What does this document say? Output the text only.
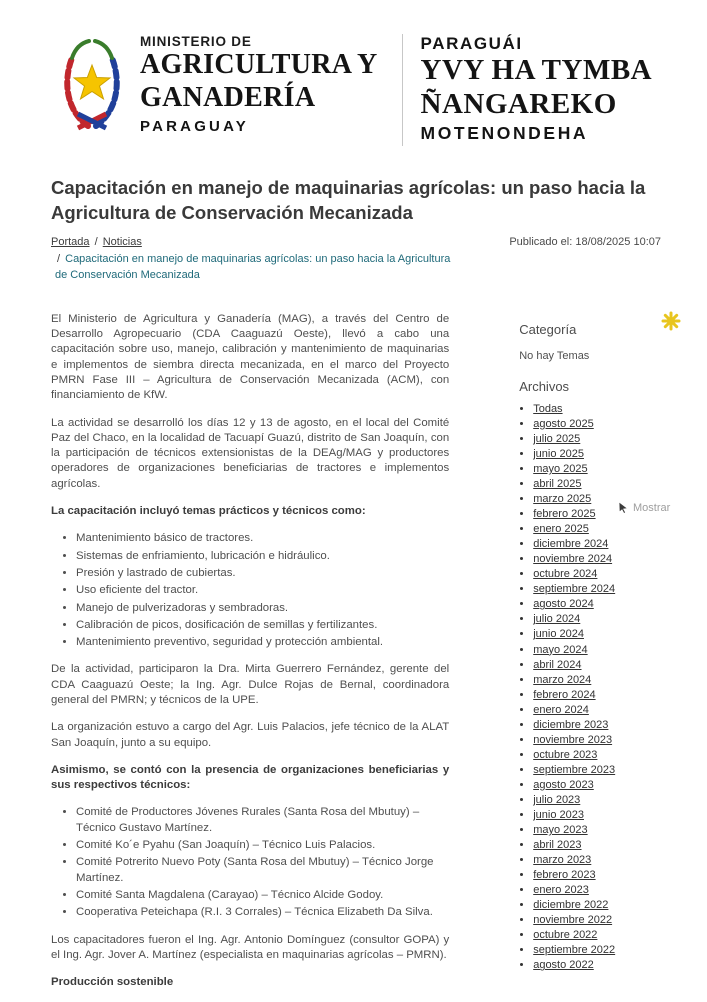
MINISTERIO DE
AGRICULTURA Y
GANADERÍA
PARAGUAY
PARAGUÁI
YVY HA TYMBA
ÑANGAREKO
MOTENONDEHA
Capacitación en manejo de maquinarias agrícolas: un paso hacia la Agricultura de Conservación Mecanizada
Portada / Noticias
/ Capacitación en manejo de maquinarias agrícolas: un paso hacia la Agricultura de Conservación Mecanizada
Publicado el: 18/08/2025 10:07

El Ministerio de Agricultura y Ganadería (MAG), a través del Centro de Desarrollo Agropecuario (CDA Caaguazú Oeste), llevó a cabo una capacitación sobre uso, manejo, calibración y mantenimiento de maquinarias e implementos de siembra directa mecanizada, en el marco del Proyecto PMRN Fase III – Agricultura de Conservación Mecanizada (ACM), con financiamiento de KfW.

La actividad se desarrolló los días 12 y 13 de agosto, en el local del Comité Paz del Chaco, en la localidad de Tacuapí Guazú, distrito de San Joaquín, con la participación de técnicos extensionistas de la DEAg/MAG y productores operadores de organizaciones beneficiarias de tractores e implementos agrícolas.

La capacitación incluyó temas prácticos y técnicos como:

• Mantenimiento básico de tractores.
• Sistemas de enfriamiento, lubricación e hidráulico.
• Presión y lastrado de cubiertas.
• Uso eficiente del tractor.
• Manejo de pulverizadoras y sembradoras.
• Calibración de picos, dosificación de semillas y fertilizantes.
• Mantenimiento preventivo, seguridad y protección ambiental.

De la actividad, participaron la Dra. Mirta Guerrero Fernández, gerente del CDA Caaguazú Oeste; la Ing. Agr. Dulce Rojas de Bernal, coordinadora general del PMRN; y técnicos de la UPE.

La organización estuvo a cargo del Agr. Luis Palacios, jefe técnico de la ALAT San Joaquín, junto a su equipo.

Asimismo, se contó con la presencia de organizaciones beneficiarias y sus respectivos técnicos:

• Comité de Productores Jóvenes Rurales (Santa Rosa del Mbutuy) – Técnico Gustavo Martínez.
• Comité Ko´e Pyahu (San Joaquín) – Técnico Luis Palacios.
• Comité Potrerito Nuevo Poty (Santa Rosa del Mbutuy) – Técnico Jorge Martínez.
• Comité Santa Magdalena (Carayao) – Técnico Alcide Godoy.
• Cooperativa Peteichapa (R.I. 3 Corrales) – Técnica Elizabeth Da Silva.

Los capacitadores fueron el Ing. Agr. Antonio Domínguez (consultor GOPA) y el Ing. Agr. Jover A. Martínez (especialista en maquinarias agrícolas – PMRN).

Producción sostenible

Categoría
No hay Temas
Archivos
• Todas
• agosto 2025
• julio 2025
• junio 2025
• mayo 2025
• abril 2025
• marzo 2025
• febrero 2025
• enero 2025
• diciembre 2024
• noviembre 2024
• octubre 2024
• septiembre 2024
• agosto 2024
• julio 2024
• junio 2024
• mayo 2024
• abril 2024
• marzo 2024
• febrero 2024
• enero 2024
• diciembre 2023
• noviembre 2023
• octubre 2023
• septiembre 2023
• agosto 2023
• julio 2023
• junio 2023
• mayo 2023
• abril 2023
• marzo 2023
• febrero 2023
• enero 2023
• diciembre 2022
• noviembre 2022
• octubre 2022
• septiembre 2022
• agosto 2022
Mostrar
